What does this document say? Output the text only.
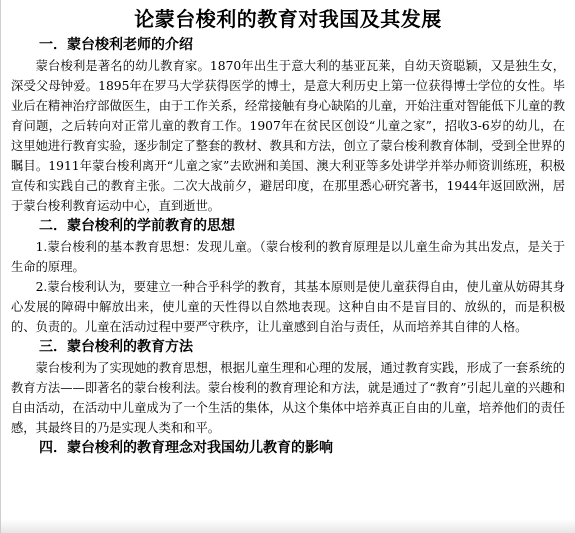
论蒙台梭利的教育对我国及其发展
一．蒙台梭利老师的介绍

蒙台梭利是著名的幼儿教育家。1870年出生于意大利的基亚瓦莱，自幼天资聪颖，又是独生女，深受父母钟爱。1895年在罗马大学获得医学的博士，是意大利历史上第一位获得博士学位的女性。毕业后在精神治疗部做医生，由于工作关系，经常接触有身心缺陷的儿童，开始注重对智能低下儿童的教育问题，之后转向对正常儿童的教育工作。1907年在贫民区创设“儿童之家”，招收3-6岁的幼儿，在这里她进行教育实验，逐步制定了整套的教材、教具和方法，创立了蒙台梭利教育体制，受到全世界的瞩目。1911年蒙台梭利离开“儿童之家”去欧洲和美国、澳大利亚等多处讲学并举办师资训练班，积极宣传和实践自己的教育主张。二次大战前夕，避居印度，在那里悉心研究著书，1944年返回欧洲，居于蒙台梭利教育运动中心，直到逝世。

二．蒙台梭利的学前教育的思想

1.蒙台梭利的基本教育思想：发现儿童。（蒙台梭利的教育原理是以儿童生命为其出发点，是关于生命的原理。

2.蒙台梭利认为，要建立一种合乎科学的教育，其基本原则是使儿童获得自由，使儿童从妨碍其身心发展的障碍中解放出来，使儿童的天性得以自然地表现。这种自由不是盲目的、放纵的，而是积极的、负责的。儿童在活动过程中要严守秩序，让儿童感到自治与责任，从而培养其自律的人格。

三．蒙台梭利的教育方法

蒙台梭利为了实现她的教育思想，根据儿童生理和心理的发展，通过教育实践，形成了一套系统的教育方法——即著名的蒙台梭利法。蒙台梭利的教育理论和方法，就是通过了“教育”引起儿童的兴趣和自由活动，在活动中儿童成为了一个生活的集体，从这个集体中培养真正自由的儿童，培养他们的责任感，其最终目的乃是实现人类和和平。

四．蒙台梭利的教育理念对我国幼儿教育的影响
